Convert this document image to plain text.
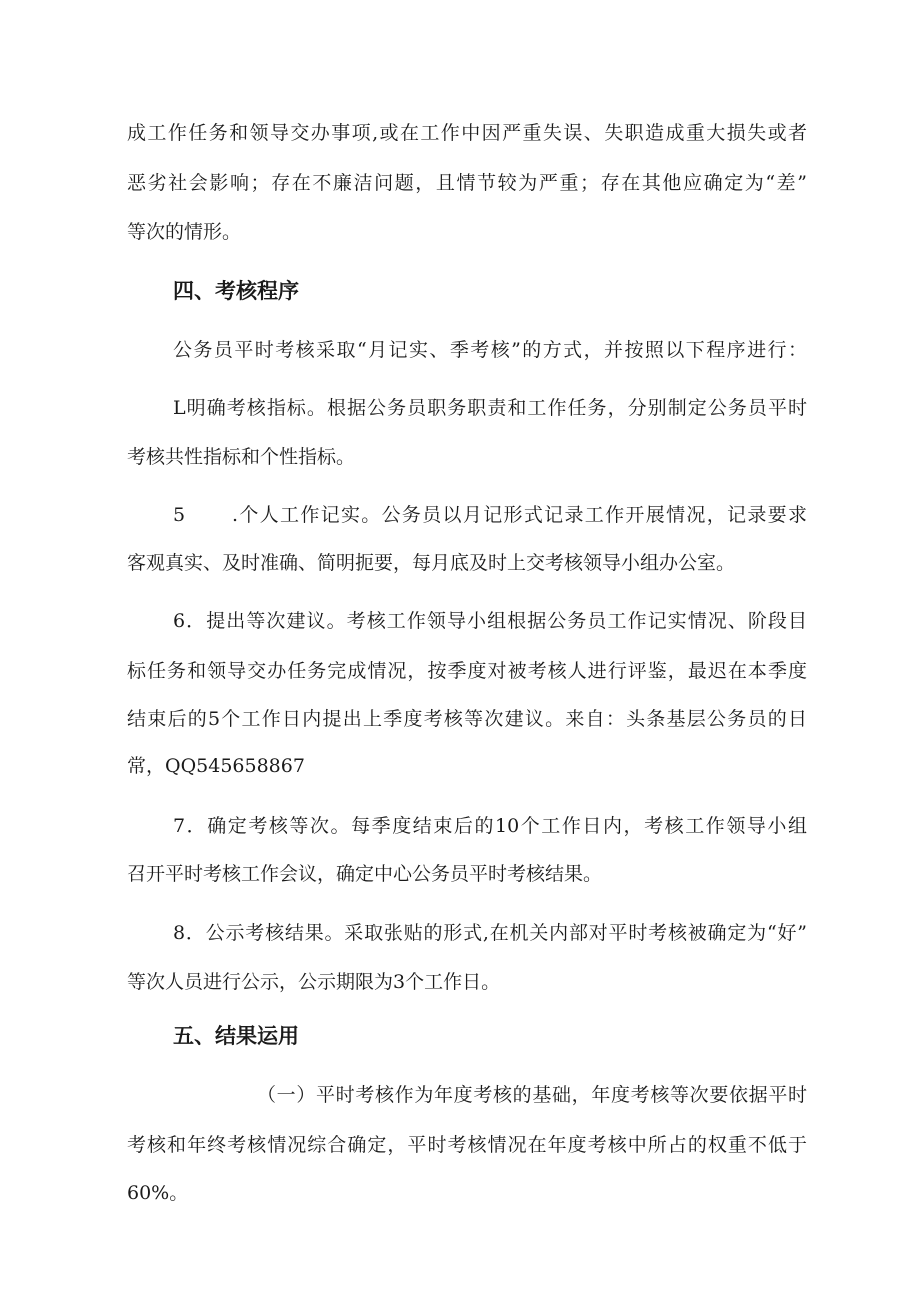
成工作任务和领导交办事项,或在工作中因严重失误、失职造成重大损失或者
恶劣社会影响；存在不廉洁问题，且情节较为严重；存在其他应确定为“差”
等次的情形。
四、考核程序
公务员平时考核采取“月记实、季考核”的方式，并按照以下程序进行：
L明确考核指标。根据公务员职务职责和工作任务，分别制定公务员平时
考核共性指标和个性指标。
5 .个人工作记实。公务员以月记形式记录工作开展情况，记录要求
客观真实、及时准确、简明扼要，每月底及时上交考核领导小组办公室。
6．提出等次建议。考核工作领导小组根据公务员工作记实情况、阶段目
标任务和领导交办任务完成情况，按季度对被考核人进行评鉴，最迟在本季度
结束后的5个工作日内提出上季度考核等次建议。来自：头条基层公务员的日
常，QQ545658867
7．确定考核等次。每季度结束后的10个工作日内，考核工作领导小组
召开平时考核工作会议，确定中心公务员平时考核结果。
8．公示考核结果。采取张贴的形式,在机关内部对平时考核被确定为“好”
等次人员进行公示，公示期限为3个工作日。
五、结果运用
（一）平时考核作为年度考核的基础，年度考核等次要依据平时
考核和年终考核情况综合确定，平时考核情况在年度考核中所占的权重不低于
60%。
